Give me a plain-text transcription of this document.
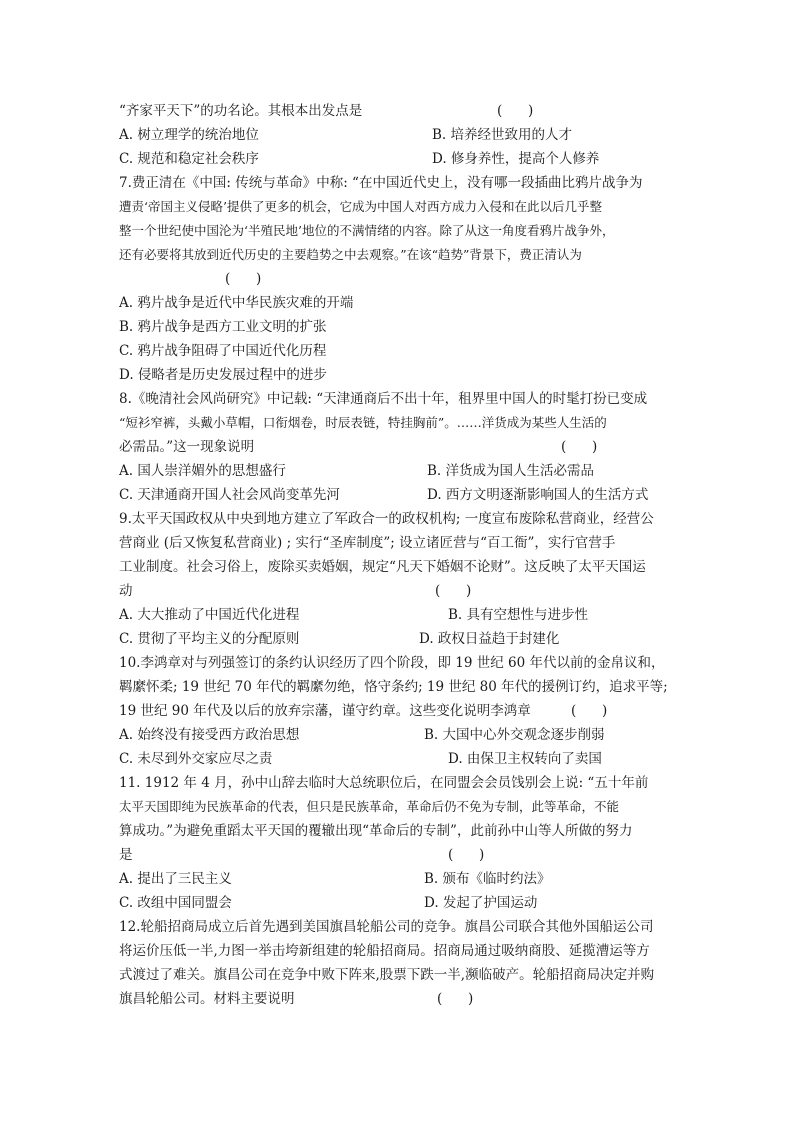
“齐家平天下”的功名论。其根本出发点是	(      )
A. 树立理学的统治地位	B. 培养经世致用的人才
C. 规范和稳定社会秩序	D. 修身养性，提高个人修养
7.费正清在《中国: 传统与革命》中称: “在中国近代史上，没有哪一段插曲比鸦片战争为
遭责‘帝国主义侵略’提供了更多的机会，它成为中国人对西方成力入侵和在此以后几乎整
整一个世纪使中国沦为‘半殖民地’地位的不满情绪的内容。除了从这一角度看鸦片战争外，
还有必要将其放到近代历史的主要趋势之中去观察。”在该“趋势”背景下，费正清认为
(      )
A. 鸦片战争是近代中华民族灾难的开端
B. 鸦片战争是西方工业文明的扩张
C. 鸦片战争阻碍了中国近代化历程
D. 侵略者是历史发展过程中的进步
8.《晚清社会风尚研究》中记载: “天津通商后不出十年，租界里中国人的时髦打扮已变成
“短衫窄裤，头戴小草帽，口衔烟卷，时辰表链，特挂胸前”。……洋货成为某些人生活的
必需品。”这一现象说明	(      )
A. 国人崇洋媚外的思想盛行	B. 洋货成为国人生活必需品
C. 天津通商开国人社会风尚变革先河	D. 西方文明逐渐影响国人的生活方式
9.太平天国政权从中央到地方建立了军政合一的政权机构; 一度宣布废除私营商业，经营公
营商业 (后又恢复私营商业) ; 实行“圣库制度”; 设立诸匠营与“百工衙”，实行官营手
工业制度。社会习俗上，废除买卖婚姻，规定“凡天下婚姻不论财”。这反映了太平天国运
动	(      )
A. 大大推动了中国近代化进程	B. 具有空想性与进步性
C. 贯彻了平均主义的分配原则	D. 政权日益趋于封建化
10.李鸿章对与列强签订的条约认识经历了四个阶段，即 19 世纪 60 年代以前的金帛议和，
羁縻怀柔; 19 世纪 70 年代的羁縻勿绝，恪守条约; 19 世纪 80 年代的援例订约，追求平等;
19 世纪 90 年代及以后的放弃宗藩，谨守约章。这些变化说明李鸿章	(      )
A. 始终没有接受西方政治思想	B. 大国中心外交观念逐步削弱
C. 未尽到外交家应尽之责	D. 由保卫主权转向了卖国
11. 1912 年 4 月，孙中山辞去临时大总统职位后，在同盟会会员饯别会上说: “五十年前
太平天国即纯为民族革命的代表，但只是民族革命，革命后仍不免为专制，此等革命，不能
算成功。”为避免重蹈太平天国的覆辙出现“革命后的专制”，此前孙中山等人所做的努力
是	(      )
A. 提出了三民主义	B. 颁布《临时约法》
C. 改组中国同盟会	D. 发起了护国运动
12.轮船招商局成立后首先遇到美国旗昌轮船公司的竞争。旗昌公司联合其他外国船运公司
将运价压低一半,力图一举击垮新组建的轮船招商局。招商局通过吸纳商股、延揽漕运等方
式渡过了难关。旗昌公司在竞争中败下阵来,股票下跌一半,濒临破产。轮船招商局决定并购
旗昌轮船公司。材料主要说明	(      )
